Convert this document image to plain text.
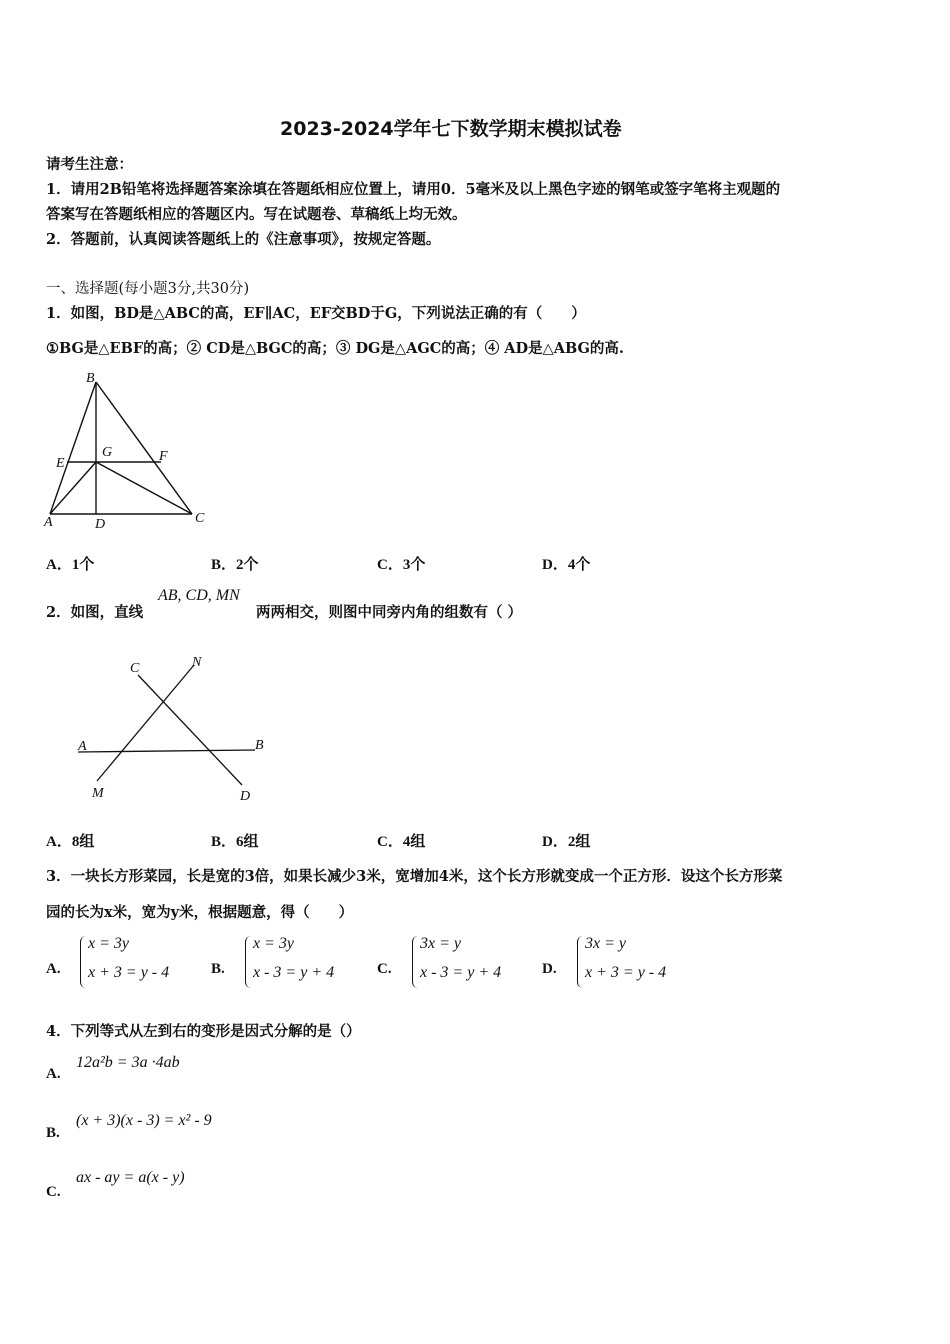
2023-2024学年七下数学期末模拟试卷
请考生注意：
1．请用2B铅笔将选择题答案涂填在答题纸相应位置上，请用0．5毫米及以上黑色字迹的钢笔或签字笔将主观题的
答案写在答题纸相应的答题区内。写在试题卷、草稿纸上均无效。
2．答题前，认真阅读答题纸上的《注意事项》，按规定答题。
一、选择题(每小题3分,共30分)
1．如图，BD是△ABC的高，EF∥AC，EF交BD于G，下列说法正确的有（　　）
①BG是△EBF的高；② CD是△BGC的高；③ DG是△AGC的高；④ AD是△ABG的高.
B
E
G	F
A	D	C
A．1个	B．2个	C．3个	D．4个
2．如图，直线
AB, CD, MN
两两相交，则图中同旁内角的组数有（ ）
C	N
A	B
M	D
A．8组	B．6组	C．4组	D．2组
3．一块长方形菜园，长是宽的3倍，如果长减少3米，宽增加4米，这个长方形就变成一个正方形．设这个长方形菜
园的长为x米，宽为y米，根据题意，得（　　）
A.
x = 3y
x + 3 = y - 4	B.
x = 3y
x - 3 = y + 4	C.
3x = y
x - 3 = y + 4	D.
3x = y
x + 3 = y - 4
4．下列等式从左到右的变形是因式分解的是（）
A.
12a²b = 3a ·4ab
B.
(x + 3)(x - 3) = x² - 9
C.
ax - ay = a(x - y)
